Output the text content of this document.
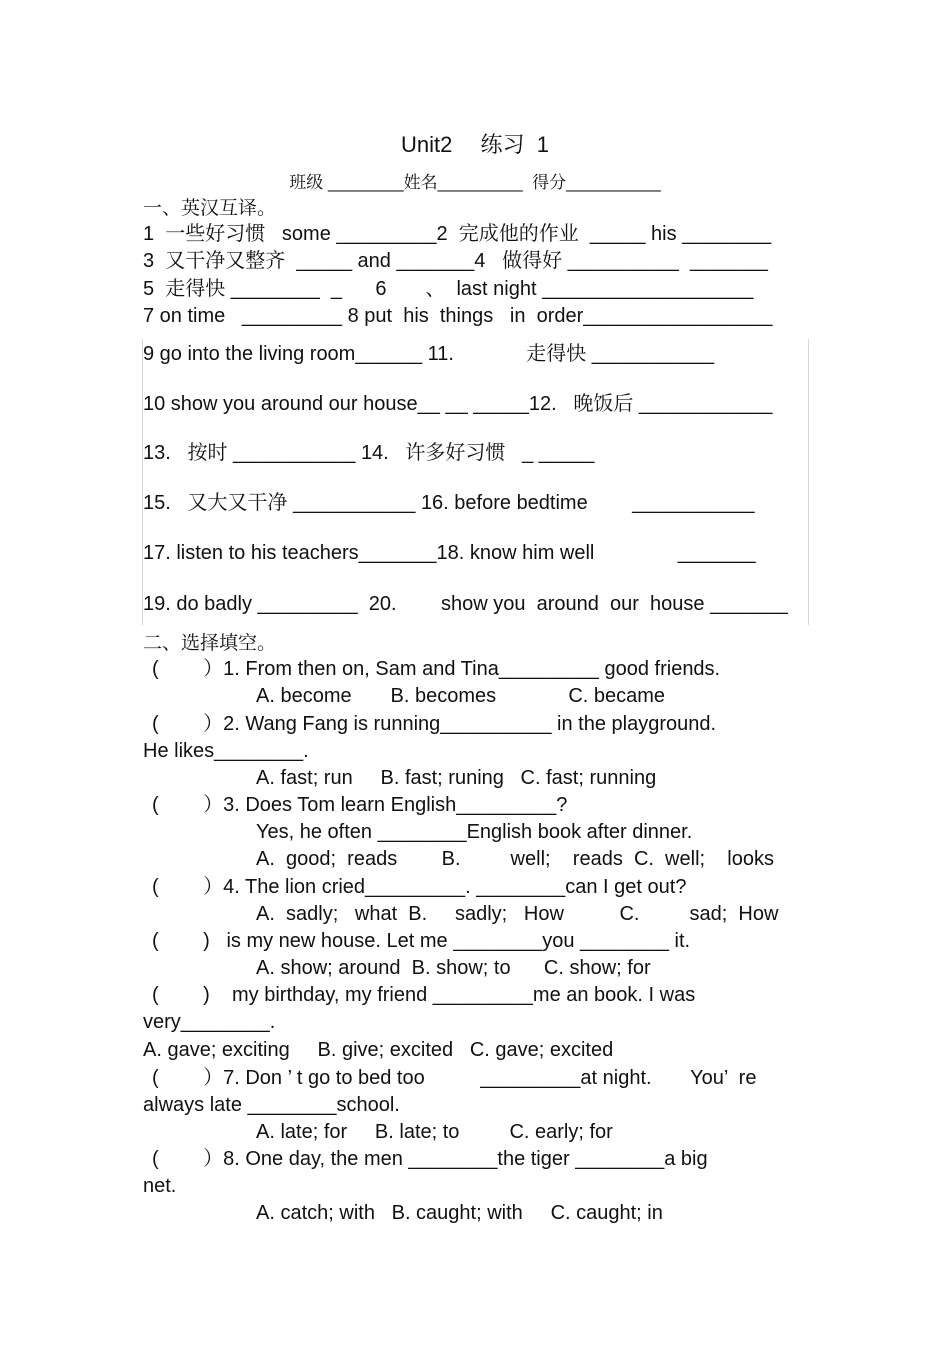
Unit2　 练习  1
班级 ________姓名_________  得分__________
一、英汉互译。
1  一些好习惯   some _________2  完成他的作业  _____ his ________
3  又干净又整齐  _____ and _______4   做得好 __________  _______
5  走得快 ________  _      6       、  last night ___________________
7 on time   _________ 8 put  his  things   in  order_________________
9 go into the living room______ 11.             走得快 ___________
10 show you around our house__ __ _____12.   晚饭后 ____________
13.   按时 ___________ 14.   许多好习惯   _ _____
15.   又大又干净 ___________ 16. before bedtime        ___________
17. listen to his teachers_______18. know him well               _______
19. do badly _________  20.        show you  around  our  house _______
二、选择填空。
(        ）1. From then on, Sam and Tina_________ good friends.
A. become       B. becomes             C. became
(        ）2. Wang Fang is running__________ in the playground.
He likes________.
A. fast; run     B. fast; runing   C. fast; running
(        ）3. Does Tom learn English_________?
Yes, he often ________English book after dinner.
A.  good;  reads        B.         well;    reads  C.  well;    looks
(        ）4. The lion cried_________. ________can I get out?
A.  sadly;   what  B.     sadly;   How          C.         sad;  How
(        )   is my new house. Let me ________you ________ it.
A. show; around  B. show; to      C. show; for
(        )    my birthday, my friend _________me an book. I was
very________.
A. gave; exciting     B. give; excited   C. gave; excited
(        ）7. Don ’ t go to bed too          _________at night.       You’  re
always late ________school.
A. late; for     B. late; to         C. early; for
(        ）8. One day, the men ________the tiger ________a big
net.
A. catch; with   B. caught; with     C. caught; in
